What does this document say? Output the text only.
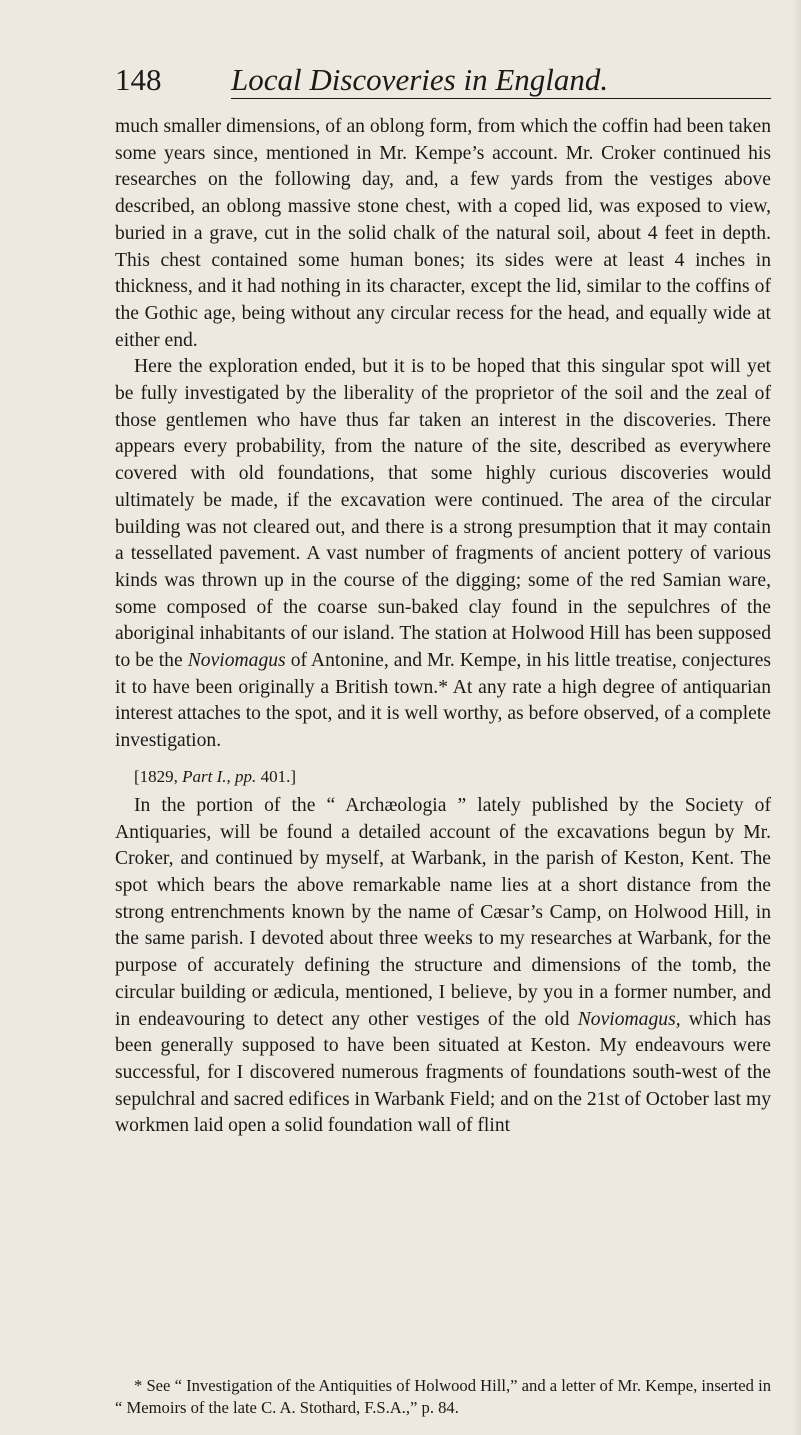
148 Local Discoveries in England.

much smaller dimensions, of an oblong form, from which the coffin had been taken some years since, mentioned in Mr. Kempe’s account. Mr. Croker continued his researches on the following day, and, a few yards from the vestiges above described, an oblong massive stone chest, with a coped lid, was exposed to view, buried in a grave, cut in the solid chalk of the natural soil, about 4 feet in depth. This chest contained some human bones; its sides were at least 4 inches in thickness, and it had nothing in its character, except the lid, similar to the coffins of the Gothic age, being without any circular recess for the head, and equally wide at either end.

Here the exploration ended, but it is to be hoped that this singular spot will yet be fully investigated by the liberality of the proprietor of the soil and the zeal of those gentlemen who have thus far taken an interest in the discoveries. There appears every probability, from the nature of the site, described as everywhere covered with old foundations, that some highly curious discoveries would ultimately be made, if the excavation were continued. The area of the circular building was not cleared out, and there is a strong presumption that it may contain a tessellated pavement. A vast number of fragments of ancient pottery of various kinds was thrown up in the course of the digging; some of the red Samian ware, some composed of the coarse sun-baked clay found in the sepulchres of the aboriginal inhabitants of our island. The station at Holwood Hill has been supposed to be the Noviomagus of Antonine, and Mr. Kempe, in his little treatise, conjectures it to have been originally a British town.* At any rate a high degree of antiquarian interest attaches to the spot, and it is well worthy, as before observed, of a complete investigation.

[1829, Part I., pp. 401.]

In the portion of the “ Archæologia ” lately published by the Society of Antiquaries, will be found a detailed account of the excavations begun by Mr. Croker, and continued by myself, at Warbank, in the parish of Keston, Kent. The spot which bears the above remarkable name lies at a short distance from the strong entrenchments known by the name of Cæsar’s Camp, on Holwood Hill, in the same parish. I devoted about three weeks to my researches at Warbank, for the purpose of accurately defining the structure and dimensions of the tomb, the circular building or ædicula, mentioned, I believe, by you in a former number, and in endeavouring to detect any other vestiges of the old Noviomagus, which has been generally supposed to have been situated at Keston. My endeavours were successful, for I discovered numerous fragments of foundations south-west of the sepulchral and sacred edifices in Warbank Field; and on the 21st of October last my workmen laid open a solid foundation wall of flint

* See “ Investigation of the Antiquities of Holwood Hill,” and a letter of Mr. Kempe, inserted in “ Memoirs of the late C. A. Stothard, F.S.A.,” p. 84.
